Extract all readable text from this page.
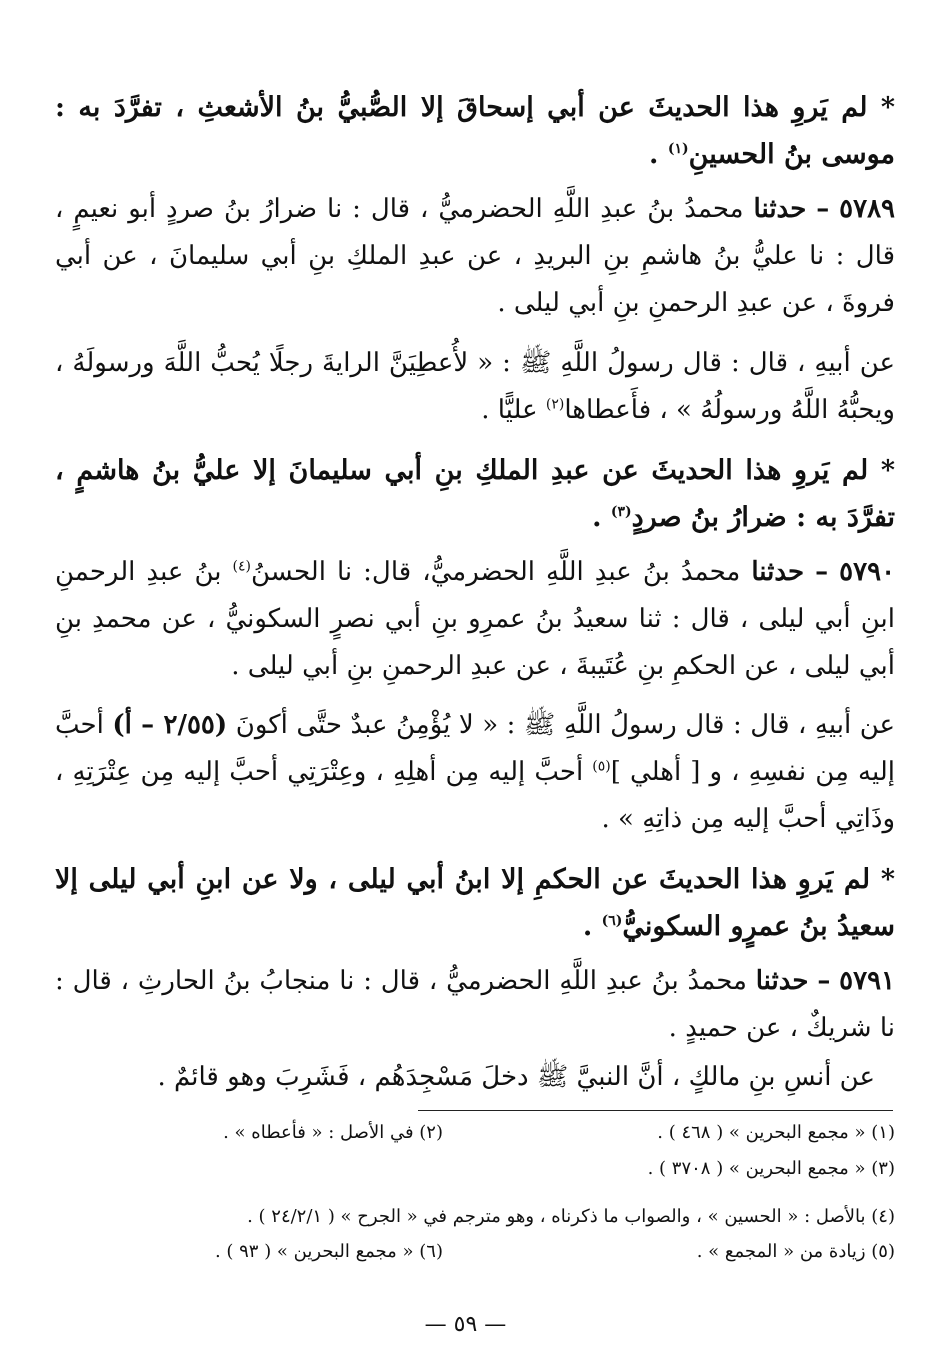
* لم يَروِ هذا الحديثَ عن أبي إسحاقَ إلا الصُّبيُّ بنُ الأشعثِ ، تفرَّدَ به : موسى بنُ الحسينِ$^{(١)}$ .
٥٧٨٩ – حدثنا محمدُ بنُ عبدِ اللَّهِ الحضرميُّ ، قال : نا ضرارُ بنُ صردٍ أبو نعيمٍ ، قال : نا عليُّ بنُ هاشمِ بنِ البريدِ ، عن عبدِ الملكِ بنِ أبي سليمانَ ، عن أبي فروةَ ، عن عبدِ الرحمنِ بنِ أبي ليلى .
عن أبيهِ ، قال : قال رسولُ اللَّهِ ﷺ : « لأُعطِيَنَّ الرايةَ رجلًا يُحبُّ اللَّهَ ورسولَهُ ، ويحبُّهُ اللَّهُ ورسولُهُ » ، فأَعطاها$^{(٢)}$ عليًّا .
* لم يَروِ هذا الحديثَ عن عبدِ الملكِ بنِ أبي سليمانَ إلا عليُّ بنُ هاشمٍ ، تفرَّدَ به : ضرارُ بنُ صردٍ$^{(٣)}$ .
٥٧٩٠ – حدثنا محمدُ بنُ عبدِ اللَّهِ الحضرميُّ، قال: نا الحسنُ$^{(٤)}$ بنُ عبدِ الرحمنِ ابنِ أبي ليلى ، قال : ثنا سعيدُ بنُ عمرِو بنِ أبي نصرٍ السكونيُّ ، عن محمدِ بنِ أبي ليلى ، عن الحكمِ بنِ عُتَيبةَ ، عن عبدِ الرحمنِ بنِ أبي ليلى .
عن أبيهِ ، قال : قال رسولُ اللَّهِ ﷺ : « لا يُؤْمِنُ عبدٌ حتَّى أكونَ (٢/٥٥ – أ) أحبَّ إليه مِن نفسِهِ ، و [ أهلي ]$^{(٥)}$ أحبَّ إليه مِن أهلِهِ ، وعِتْرَتِي أحبَّ إليه مِن عِتْرَتِهِ ، وذَاتِي أحبَّ إليه مِن ذاتِهِ » .
* لم يَروِ هذا الحديثَ عن الحكمِ إلا ابنُ أبي ليلى ، ولا عن ابنِ أبي ليلى إلا سعيدُ بنُ عمرٍو السكونيُّ$^{(٦)}$ .
٥٧٩١ – حدثنا محمدُ بنُ عبدِ اللَّهِ الحضرميُّ ، قال : نا منجابُ بنُ الحارثِ ، قال : نا شريكٌ ، عن حميدٍ .
عن أنسِ بنِ مالكٍ ، أنَّ النبيَّ ﷺ دخلَ مَسْجِدَهُم ، فَشَرِبَ وهو قائمٌ .
(١) « مجمع البحرين » ( ٤٦٨ ) .
(٢) في الأصل : « فأعطاه » .
(٣) « مجمع البحرين » ( ٣٧٠٨ ) .
(٤) بالأصل : « الحسين » ، والصواب ما ذكرناه ، وهو مترجم في « الجرح » ( ٢٤/٢/١ ) .
(٥) زيادة من « المجمع » .
(٦) « مجمع البحرين » ( ٩٣ ) .
— ٥٩ —
